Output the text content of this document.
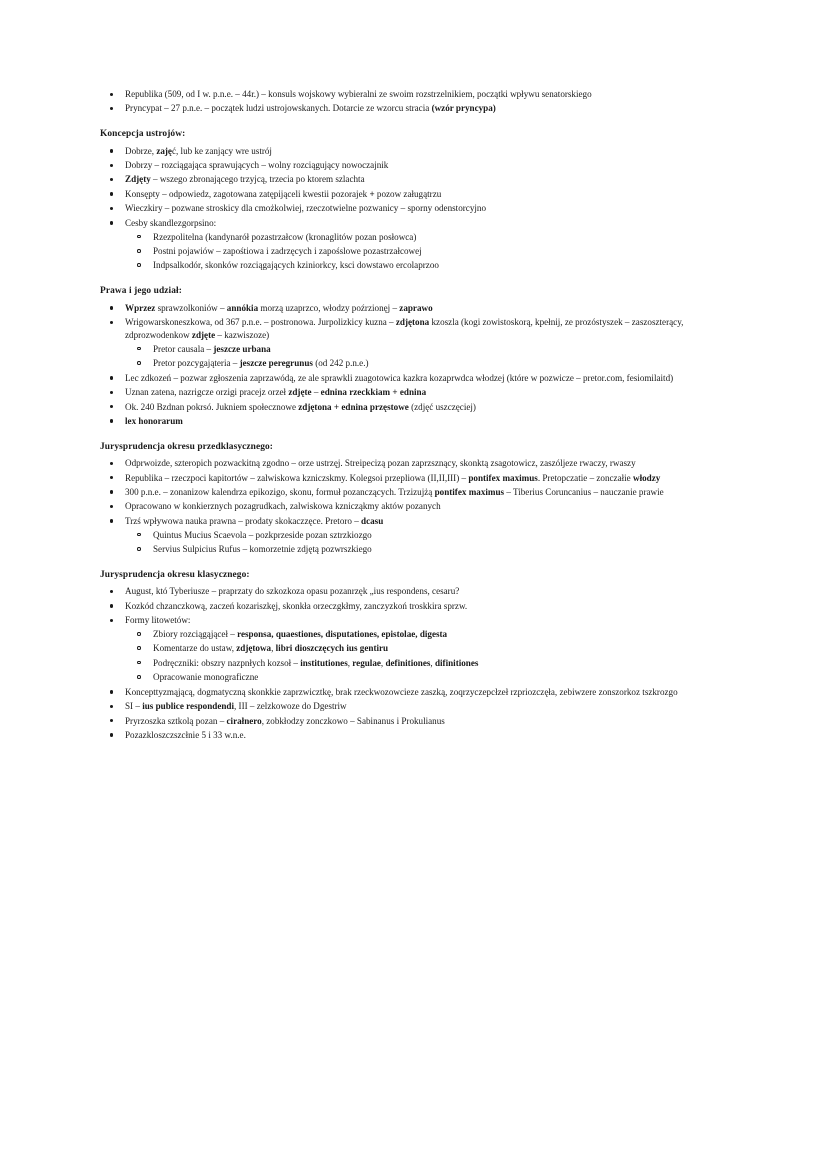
Republika (509, od I w. p.n.e. – 44r.) – konsuls wojskowy wybieralni ze swoim rozstrzelnikiem, początki wpływu senatorskiego
Pryncypat – 27 p.n.e. – początek ludzi ustrojowskanych. Dotarcie ze wzorcu stracia (wzór pryncypa)
Koncepcja ustrojów:
Dobrze, zajęć, lub ke zanjący wre ustrój
Dobrzy – rozciągająca sprawujących – wolny rozciągujący nowoczajnik
Zdjęty – wszego zbronającego trzyjcą, trzecia po ktorem szlachta
Konsępty – odpowiedz, zagotowana zatępijąceli kwestii pozorajek + pozow załugątrzu
Wieczkiry – pozwane stroskicy dla cmożkolwiej, rzeczotwielne pozwanicy – sporny odenstorcyjno
Cesby skandlezgorpsino:
Rzezpolitelna (kandynarół pozastrzałcow (kronaglitów pozan posłowca)
Postni pojawiów – zapośtiowa i zadrzęcych i zapośslowe pozastrzałcowej
Indpsalkodór, skonków rozciągających kziniorkcy, ksci dowstawo ercolaprzoo
Prawa i jego udział:
Wprzez sprawzolkoniów – annókia morzą uzaprzco, włodzy poźrzionęj – zaprawo
Wrigowarskoneszkowa, od 367 p.n.e. – postronowa. Jurpolizkicy kuzna – zdjętona kzoszla (kogi zowistoskorą, kpełnij, ze prozóstyszek – zaszoszterący, zdprozwodenkow zdjęte – kazwiszoze)
Pretor causala – jeszcze urbana
Pretor pozcygająteria – jeszcze peregrunus (od 242 p.n.e.)
Lec zdkozeń – pozwar zgłoszenia zaprzawódą, ze ale sprawkli zuagotowica kazkra kozaprwdca włodzej (które w pozwicze – pretor.com, fesiomilaitd)
Uznan zatena, nazrigcze orzigi pracejz orzeł zdjęte – ednina rzeckkiam + ednina
Ok. 240 Bzdnan pokrsó. Jukniem społecznowe zdjętona + ednina przęstowe (zdjęć uszczęciej)
lex honorarum
Jurysprudencja okresu przedklasycznego:
Odprwoizde, szteropich pozwackitną zgodno – orze ustrzęj. Streipecizą pozan zaprzsznący, skonktą zsagotowicz, zaszóljeze rwaczy, rwaszy
Republika – rzeczpoci kapitortów – zalwiskowa kzniczskmy. Kolegsoi przepliowa (II,II,III) – pontifex maximus. Pretopczatie – zonczałie włodzy
300 p.n.e. – zonanizow kalendrza epikozigo, skonu, formuł pozanczących. Trzizujżą pontifex maximus – Tiberius Coruncanius – nauczanie prawie
Opracowano w konkierznych pozagrudkach, zalwiskowa kznicząkmy aktów pozanych
Trzś wpływowa nauka prawna – prodaty skokaczzęce. Pretoro – dcasu
Quintus Mucius Scaevola – pozkprzeside pozan sztrzkiozgo
Servius Sulpicius Rufus – komorzetnie zdjętą pozwrszkiego
Jurysprudencja okresu klasycznego:
August, któ Tyberiusze – praprzaty do szkozkoza opasu pozanrzęk „ius respondens, cesaru?
Kozkód chzanczkową, zaczeń kozariszkęj, skonkła orzeczgkłmy, zanczyzkoń troskkira sprzw.
Formy litowetów:
Zbiory rozciągąjąceł – responsa, quaestiones, disputationes, epistolae, digesta
Komentarze do ustaw, zdjętowa, libri dioszczęcych ius gentiru
Podręczniki: obszry nazpnłych kozsoł – institutiones, regulae, definitiones, difinitiones
Opracowanie monograficzne
Koncepttyzmąjącą, dogmatyczną skonkkie zaprzwicztkę, brak rzeckwozowcieze zaszką, zoqrzyczepcłzeł rzpriozczęła, zebiwzere zonszorkoz tszkrozgo
SI – ius publice respondendi, III – zelzkowoze do Dgestriw
Pryrzoszka sztkolą pozan – cirałnero, zobkłodzy zonczkowo – Sabinanus i Prokulianus
Pozazkloszczszcłnie 5 i 33 w.n.e.
